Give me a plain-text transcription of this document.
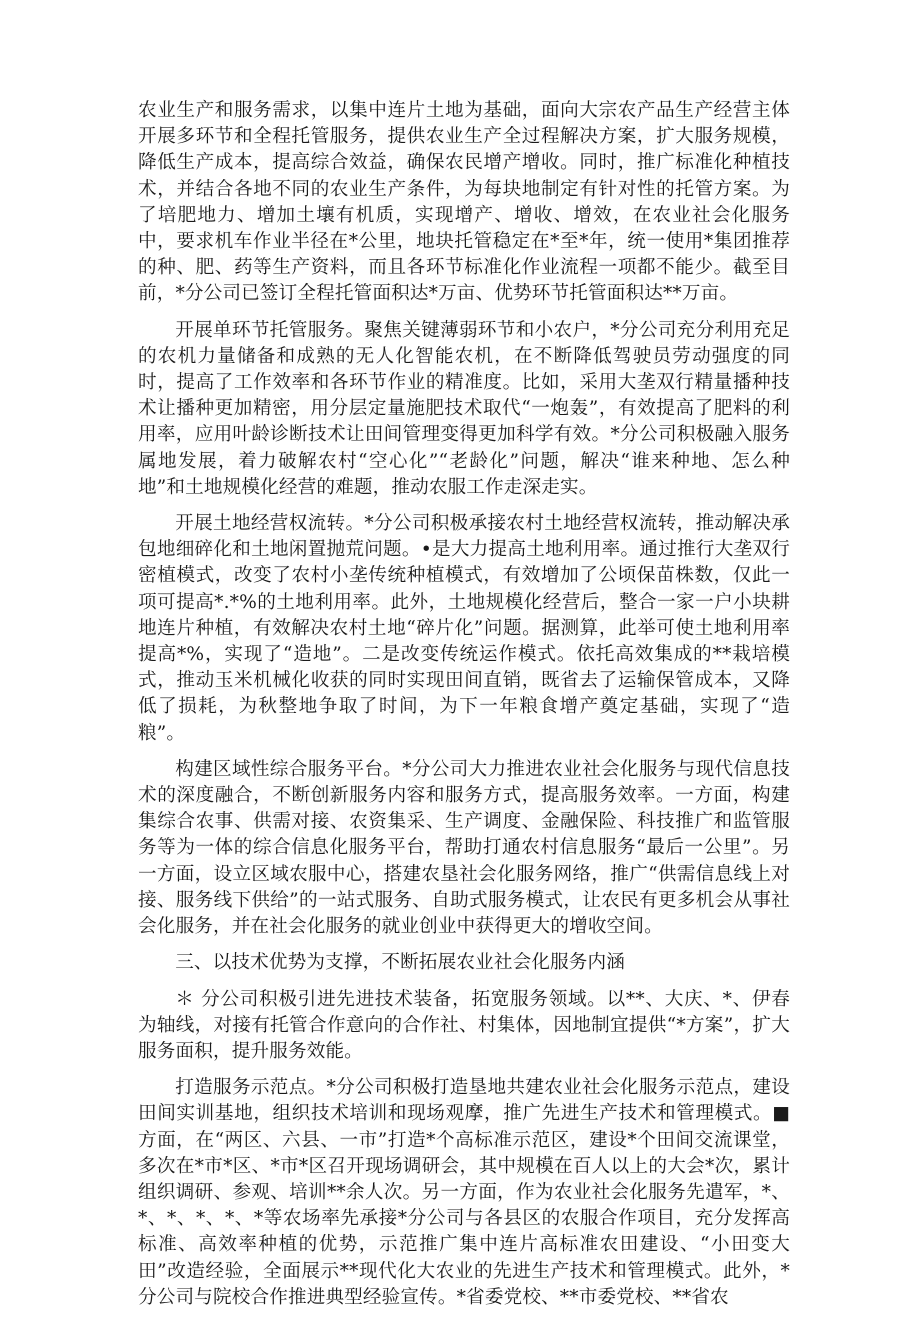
农业生产和服务需求，以集中连片土地为基础，面向大宗农产品生产经营主体开展多环节和全程托管服务，提供农业生产全过程解决方案，扩大服务规模，降低生产成本，提高综合效益，确保农民增产增收。同时，推广标准化种植技术，并结合各地不同的农业生产条件，为每块地制定有针对性的托管方案。为了培肥地力、增加土壤有机质，实现增产、增收、增效，在农业社会化服务中，要求机车作业半径在*公里，地块托管稳定在*至*年，统一使用*集团推荐的种、肥、药等生产资料，而且各环节标准化作业流程一项都不能少。截至目前，*分公司已签订全程托管面积达*万亩、优势环节托管面积达**万亩。

开展单环节托管服务。聚焦关键薄弱环节和小农户，*分公司充分利用充足的农机力量储备和成熟的无人化智能农机，在不断降低驾驶员劳动强度的同时，提高了工作效率和各环节作业的精准度。比如，采用大垄双行精量播种技术让播种更加精密，用分层定量施肥技术取代“一炮轰”，有效提高了肥料的利用率，应用叶龄诊断技术让田间管理变得更加科学有效。*分公司积极融入服务属地发展，着力破解农村“空心化”“老龄化”问题，解决“谁来种地、怎么种地”和土地规模化经营的难题，推动农服工作走深走实。

开展土地经营权流转。*分公司积极承接农村土地经营权流转，推动解决承包地细碎化和土地闲置抛荒问题。•是大力提高土地利用率。通过推行大垄双行密植模式，改变了农村小垄传统种植模式，有效增加了公顷保苗株数，仅此一项可提高*.*%的土地利用率。此外，土地规模化经营后，整合一家一户小块耕地连片种植，有效解决农村土地“碎片化”问题。据测算，此举可使土地利用率提高*%，实现了“造地”。二是改变传统运作模式。依托高效集成的**栽培模式，推动玉米机械化收获的同时实现田间直销，既省去了运输保管成本，又降低了损耗，为秋整地争取了时间，为下一年粮食增产奠定基础，实现了“造粮”。

构建区域性综合服务平台。*分公司大力推进农业社会化服务与现代信息技术的深度融合，不断创新服务内容和服务方式，提高服务效率。一方面，构建集综合农事、供需对接、农资集采、生产调度、金融保险、科技推广和监管服务等为一体的综合信息化服务平台，帮助打通农村信息服务“最后一公里”。另一方面，设立区域农服中心，搭建农垦社会化服务网络，推广“供需信息线上对接、服务线下供给”的一站式服务、自助式服务模式，让农民有更多机会从事社会化服务，并在社会化服务的就业创业中获得更大的增收空间。

三、以技术优势为支撑，不断拓展农业社会化服务内涵

＊ 分公司积极引进先进技术装备，拓宽服务领域。以**、大庆、*、伊春为轴线，对接有托管合作意向的合作社、村集体，因地制宜提供“*方案”，扩大服务面积，提升服务效能。

打造服务示范点。*分公司积极打造垦地共建农业社会化服务示范点，建设田间实训基地，组织技术培训和现场观摩，推广先进生产技术和管理模式。■方面，在“两区、六县、一市”打造*个高标准示范区，建设*个田间交流课堂，多次在*市*区、*市*区召开现场调研会，其中规模在百人以上的大会*次，累计组织调研、参观、培训**余人次。另一方面，作为农业社会化服务先遣军，*、*、*、*、*、*等农场率先承接*分公司与各县区的农服合作项目，充分发挥高标准、高效率种植的优势，示范推广集中连片高标准农田建设、“小田变大田”改造经验，全面展示**现代化大农业的先进生产技术和管理模式。此外，*分公司与院校合作推进典型经验宣传。*省委党校、**市委党校、**省农
